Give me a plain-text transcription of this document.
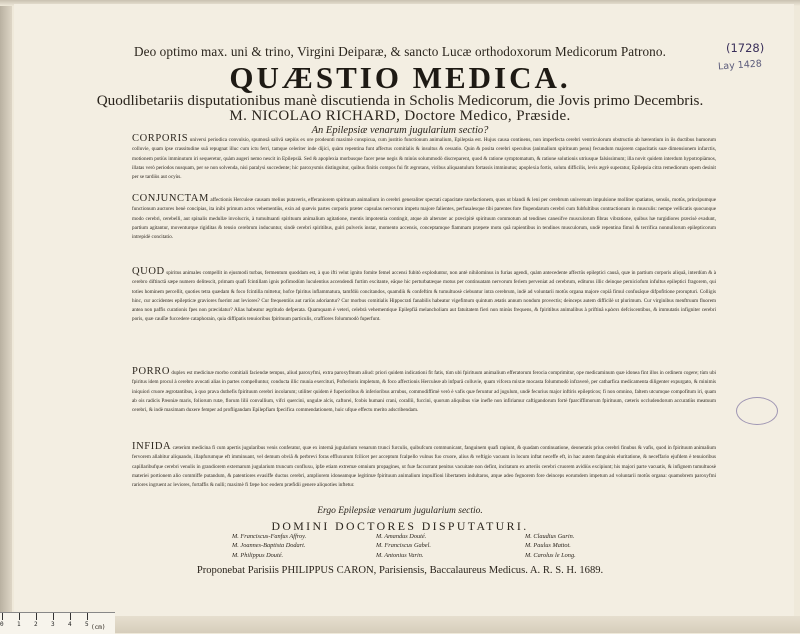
Deo optimo max. uni & trino, Virgini Deiparæ, & sancto Lucæ orthodoxorum Medicorum Patrono.
QUÆSTIO MEDICA.
Quodlibetariis disputationibus manè discutienda in Scholis Medicorum, die Jovis primo Decembris.
M. NICOLAO RICHARD, Doctore Medico, Præside.
An Epilepsiæ venarum jugularium sectio?
(1728)
Lay 1428
CORPORIS universi periodica convulsio, spumosâ salivâ sæpiùs ex ore prodeunti maximè conspicua, cum justitio functionum animalium, Epilepsia est. Hujus causa continens, non imperfecta cerebri ventriculorum obstructio ab hærentium in iis ductibus humorum colluvie, quam ipse crassitudine suâ repugnat illuc cum ictu ferri, tamque celeriter inde dijici, quàm repentina funt affectus comitialis & insultus & cessatio. Quin & posita cerebri specubus (animalium spirituum penu) fecundum majorem capacitatis suæ dimensionem infarctis, motionem potiùs imminutum iri sequeretur, quàm augeri nemo nescit in Epilepsiâ. Sed & apoplexia morbusque facer pene negis & minùs solummodò discreparent, quod & ratione symptomatum, & ratione solutionis utriusque falsissimum; illa novit quidem interdum hypotropiàmos, illatas verò periodos nusquam, per se non solvenda, nisi paralysi succedente; hic paroxysmis distinguitur, quibus finitis compos fui fit ægrotans, viribus aliquantulum fortassis imminutus; apoplexia fortis, solutu difficilis, levis ægrè superatur, Epilepsia citra remediorum opem desinit per se tardiùs aut ocyùs.
CONJUNCTAM affectionis Herculeæ causam melius putaveris, efferaniorem spirituum animalium in cerebri generaliter spectati capacitate rarefactionem, quos ut blandi & leni per cerebrum universum impulsione molliter spatiatos, sensûs, motûs, principumque functionum auctores benè concipias, ita inibi primum actos vehementiùs, exin ad quævis partes corporis præter capsulas nervorum impetu majore falientes, perfusalesque tibi parentes fore flupendarum cerebri cum fubfultibus contractionum in musculis: nempe vellicatis quocunque modo cerebri, cerebelli, aut spinalis medullæ involucris, à tumultuanti spirituum animalium agitatione, mentis impotentia contingit, atque ab alteruter ac præcipitè spirituum commotum ad tendines canesifve musculorum fibras vibratione, quibus hæ turgidiores præcisè evadunt, partium agitantur, moventurque rigiditas & tensio cerebrum inducuntur, sindè cerebri spiritibus, guiri pulveris instar, momento accensis, conceptamque flammam præpete motu quâ rapientibus in tendines musculorum, undè repentina fimul & terrifica nonnullorum epilepticorum intrepidè concitatio.
QUOD spiritus animales compellit in ejusmodi turbas, fermentum quoddam est, à quo ifti velut ignito fomite femel accensi fubitò exploduntur, non antè nihilominus in furias agendi, quàm antecedente affectûs epileptici causâ, quæ in partium corporis aliquâ, interdùm & à cerebro diftinctâ sæpe numero delitescit, primam quafi fcintillam ignis pofimodùm luculentius accendendi furtim excitante, eâque hic perturbatæque motus per continuatam nervorum feriem perveniat ad cerebrum, editurus illic deinque perniciofum infultus epileptici fragorem, qui toties hominem percellit, quoties tetra quædam & foco fcintilla mittetur, hofce fpiritus inflammatura, tamfdiù concitandos, quamdiù & confeftim & tumultuosè ciebuntur intra cerebrum, indè ad voluntarii motûs organa majore copiâ fimul confusâque difpofitione prorupturi. Colligis hinc, cur accidentes epilepticæ graviores fuerint aut leviores? Cur frequentiùs aut rariùs adoriantur? Cur morbus comitialis Hippocrati fanabilis habeatur vigefimum quintum ætatis annum nondum provectis; deinceps autem difficilè ut plurimum. Cur virginibus menftruum fluorem antea non paffis curationis fpes non præcidatur? Alias habeatur ægritudo defperata. Quamquam è veteri, celebrà vehementique Epilepfiâ melancholiam aut fatuitatem fieri non minùs frequens, & fpiritibus animalibus à priftinâ κράσει defciscentibus, & immutatis infigniter cerebri poris, quæ cauſſæ fuccedere cataphorain, quia diffipatis tenuioribus fpirituum particulis, craffiores folummodò fuperfunt.
PORRO duplex est medicinæ morbo comitiali faciendæ tempus, aliud paroxyfmi, extra paroxyfmum aliud: priori quidem indicationi fit fatis, tùm ubi fpirituum animalium efferatorum ferocia comprimitur, ope medicaminum quæ idonea fint illos in ordinem cogere; tùm ubi fpiritus idem procul à cerebro avocati alias in partes compelluntur, conducta illic munia exercituri, Pofterioris impletum, & foco affectionis Herculeæ ab infpurâ colluvie, quam vifcera mixtæ mocasta folummodò infraverè, per catharfica medicamenta diligenter expurgato, & minimis iniquiori cruore ægrotantibus, à quo prava duthefis fpirituum cerebri incolarum; utiliter quidem è fuperioribus & inferioribus arrubus, commodiffimè verò è vafis quæ feruntur ad jugulum, undè fecurius major inftiris epilepticos; fi non omnino, faltem utcumque compofitum iri, quam ab ois radicis Pæoniæ maris, foliorum rutæ, florum lilii convallium, vifci quercini, ungulæ alcis, caftorei, fcobis humani crani, corallii, fuccini, quorum aliquibus viæ inefle non infiriamur caftigandorum fortè fparciffimorum fpirituum, cæteris occludendorum accuratiùs meatuum cerebri, & indè maximam duxere femper ad profligandam Epilepfiam fpecifica commendationem, huic ufque effectu merito adscribendam.
INFIDA cæterùm medicina fi cum apertis jugularibus venis conferatur, quæ ex internâ jugularium venarum trunci furculis, quibufcum communicant, fanguinem quafi rapiunt, & quadam continuatione, deoneratis prius cerebri finubus & vafis, quod in fpirituum animalium fervorem allabitur aliquando, illapfurumque eft imminuant, vel demum obviâ & perbrevi foras effluxurum fcilicet per acceptum fcalpello vulnus fuo cruore, alius & veftigio vacuum in locum inftat neceffe eft, in hac autem fanguinis eluritatione, & neceffario ejufdem è tenuioribus capillaribufque cerebri venulis in grandiorem externarum jugularium truncum confluxu, ipfæ etiam extremæ omnium propagines, ut fuæ faccurrant penitus vacuitate non defint, incitatum ex arteriis cerebri cruorem avidiùs excipiunt; his majori parte vacuatis, & infignem tumultuosè materiei portionem alio commiffe putandum, & patentiores evasiffe ductus cerebri, ampliorem idoneamque legitimæ fpirituum animalium impulfioni libertatem indultaros, atque adeo fegnorem fore deinceps eorumdem impetum ad voluntarii motûs organa: quamobrem paroxyfmi rariores ingruent ac leviores, fortaffis & nulli; maximè fi fæpe hoc eodem præfidii genere aliquoties inftetur.
Ergo Epilepsiæ venarum jugularium sectio.
DOMINI DOCTORES DISPUTATURI.
M. Franciscus-Fanfus Affroy.
M. Joannes-Baptista Dodart.
M. Philippus Douté.
M. Amandus Douté.
M. Franciscus Gabel.
M. Antonius Varin.
M. Claudius Gurin.
M. Paulus Mattot.
M. Carolus le Long.
Proponebat Parisiis PHILIPPUS CARON, Parisiensis, Baccalaureus Medicus. A. R. S. H. 1689.
0 1 2 3 4 5 (cm)
